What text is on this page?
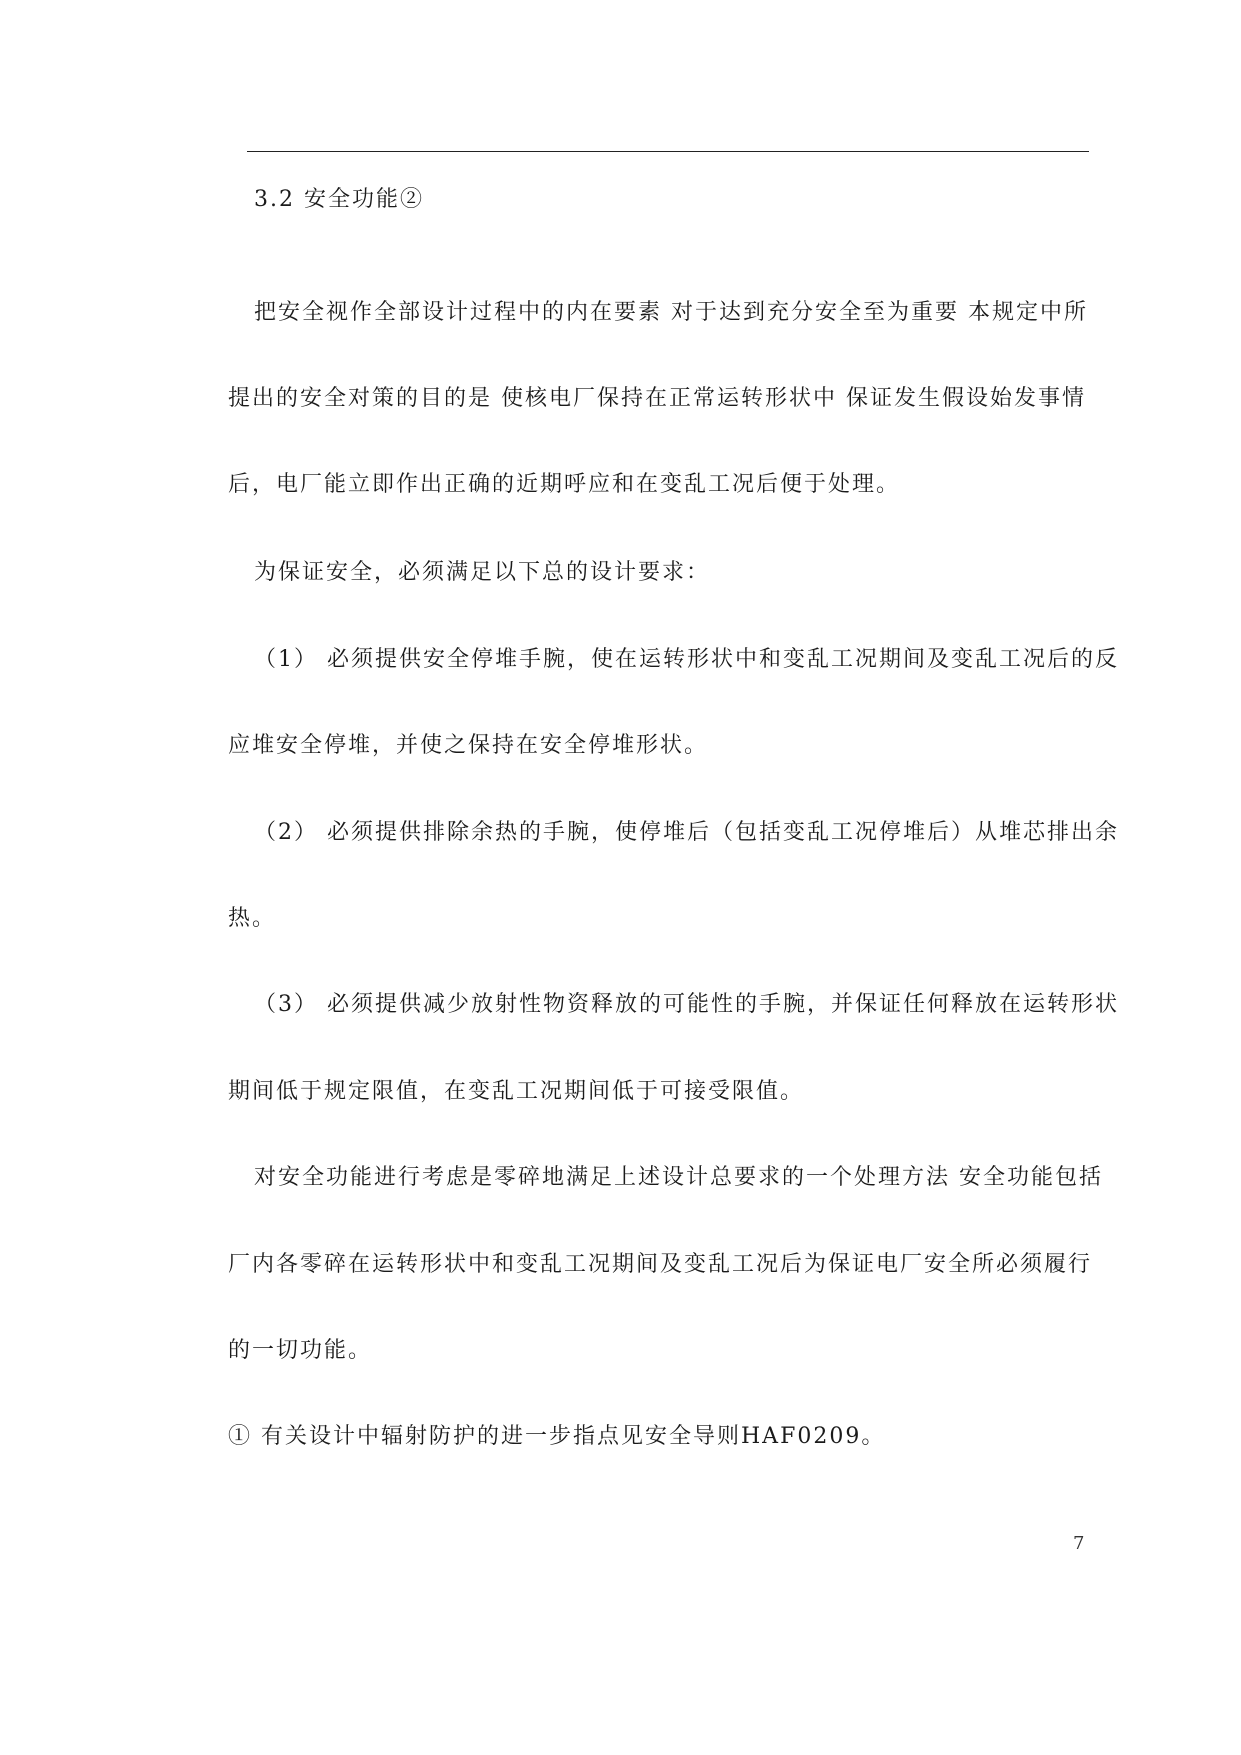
3.2 安全功能②
把安全视作全部设计过程中的内在要素 对于达到充分安全至为重要 本规定中所
提出的安全对策的目的是 使核电厂保持在正常运转形状中 保证发生假设始发事情
后，电厂能立即作出正确的近期呼应和在变乱工况后便于处理。
为保证安全，必须满足以下总的设计要求：
（1） 必须提供安全停堆手腕，使在运转形状中和变乱工况期间及变乱工况后的反
应堆安全停堆，并使之保持在安全停堆形状。
（2） 必须提供排除余热的手腕，使停堆后（包括变乱工况停堆后）从堆芯排出余
热。
（3） 必须提供减少放射性物资释放的可能性的手腕，并保证任何释放在运转形状
期间低于规定限值，在变乱工况期间低于可接受限值。
对安全功能进行考虑是零碎地满足上述设计总要求的一个处理方法 安全功能包括
厂内各零碎在运转形状中和变乱工况期间及变乱工况后为保证电厂安全所必须履行
的一切功能。
① 有关设计中辐射防护的进一步指点见安全导则HAF0209。
7
